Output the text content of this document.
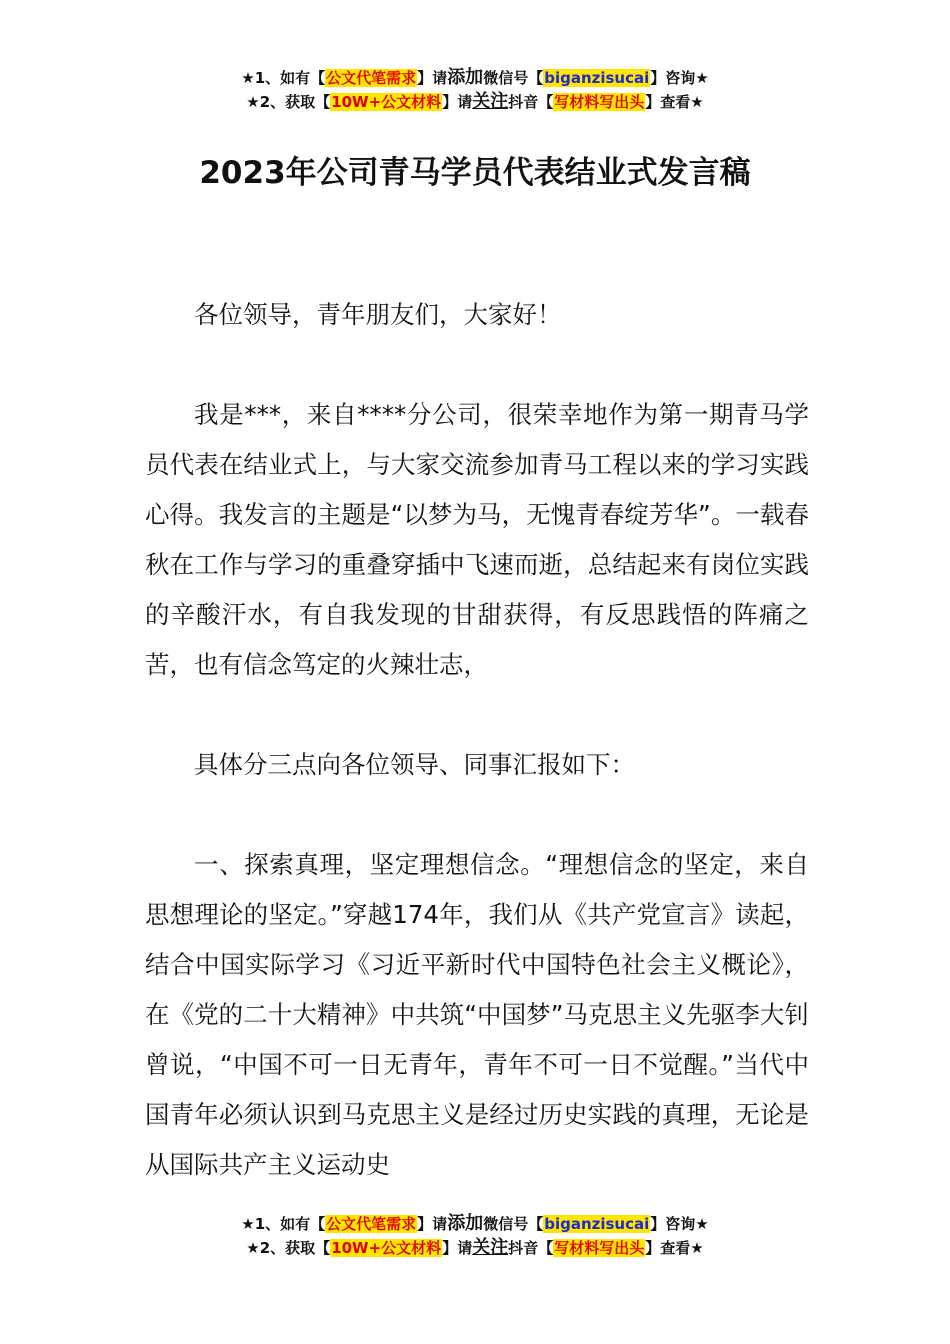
★1、如有【公文代笔需求】请添加微信号【biganzisucai】咨询★
★2、获取【10W+公文材料】请关注抖音【写材料写出头】查看★
2023年公司青马学员代表结业式发言稿

各位领导，青年朋友们，大家好！

我是***，来自****分公司，很荣幸地作为第一期青马学员代表在结业式上，与大家交流参加青马工程以来的学习实践心得。我发言的主题是“以梦为马，无愧青春绽芳华”。一载春秋在工作与学习的重叠穿插中飞速而逝，总结起来有岗位实践的辛酸汗水，有自我发现的甘甜获得，有反思践悟的阵痛之苦，也有信念笃定的火辣壮志，

具体分三点向各位领导、同事汇报如下：

一、探索真理，坚定理想信念。“理想信念的坚定，来自思想理论的坚定。”穿越174年，我们从《共产党宣言》读起，结合中国实际学习《习近平新时代中国特色社会主义概论》，在《党的二十大精神》中共筑“中国梦”马克思主义先驱李大钊曾说，“中国不可一日无青年，青年不可一日不觉醒。”当代中国青年必须认识到马克思主义是经过历史实践的真理，无论是从国际共产主义运动史

★1、如有【公文代笔需求】请添加微信号【biganzisucai】咨询★
★2、获取【10W+公文材料】请关注抖音【写材料写出头】查看★
